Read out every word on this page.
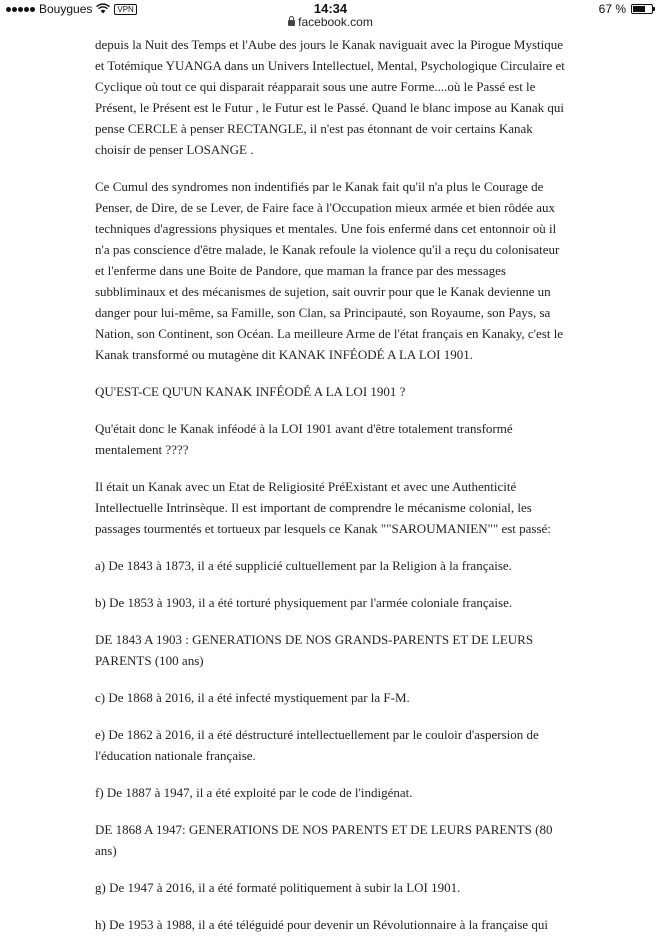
Bouygues	VPN	14:34	67 %
facebook.com

depuis la Nuit des Temps et l'Aube des jours le Kanak naviguait avec la Pirogue Mystique et Totémique YUANGA dans un Univers Intellectuel, Mental, Psychologique Circulaire et Cyclique où tout ce qui disparait réapparait sous une autre Forme....où le Passé est le Présent, le Présent est le Futur , le Futur est le Passé. Quand le blanc impose au Kanak qui pense CERCLE à penser RECTANGLE, il n'est pas étonnant de voir certains Kanak choisir de penser LOSANGE .

Ce Cumul des syndromes non indentifiés par le Kanak fait qu'il n'a plus le Courage de Penser, de Dire, de se Lever, de Faire face à l'Occupation mieux armée et bien rôdée aux techniques d'agressions physiques et mentales. Une fois enfermé dans cet entonnoir où il n'a pas conscience d'être malade, le Kanak refoule la violence qu'il a reçu du colonisateur et l'enferme dans une Boite de Pandore, que maman la france par des messages subbliminaux et des mécanismes de sujetion, sait ouvrir pour que le Kanak devienne un danger pour lui-même, sa Famille, son Clan, sa Principauté, son Royaume, son Pays, sa Nation, son Continent, son Océan. La meilleure Arme de l'état français en Kanaky, c'est le Kanak transformé ou mutagène dit KANAK INFÉODÉ A LA LOI 1901.

QU'EST-CE QU'UN KANAK INFÉODÉ A LA LOI 1901 ?

Qu'était donc le Kanak inféodé à la LOI 1901 avant d'être totalement transformé mentalement ????

Il était un Kanak avec un Etat de Religiosité PréExistant et avec une Authenticité Intellectuelle Intrinsèque. Il est important de comprendre le mécanisme colonial, les passages tourmentés et tortueux par lesquels ce Kanak ""SAROUMANIEN"" est passé:

a) De 1843 à 1873, il a été supplicié cultuellement par la Religion à la française.

b) De 1853 à 1903, il a été torturé physiquement par l'armée coloniale française.

DE 1843 A 1903 : GENERATIONS DE NOS GRANDS-PARENTS ET DE LEURS PARENTS (100 ans)

c) De 1868 à 2016, il a été infecté mystiquement par la F-M.

e) De 1862 à 2016, il a été déstructuré intellectuellement par le couloir d'aspersion de l'éducation nationale française.

f) De 1887 à 1947, il a été exploité par le code de l'indigénat.

DE 1868 A 1947: GENERATIONS DE NOS PARENTS ET DE LEURS PARENTS (80 ans)

g) De 1947 à 2016, il a été formaté politiquement à subir la LOI 1901.

h) De 1953 à 1988, il a été téléguidé pour devenir un Révolutionnaire à la française qui
